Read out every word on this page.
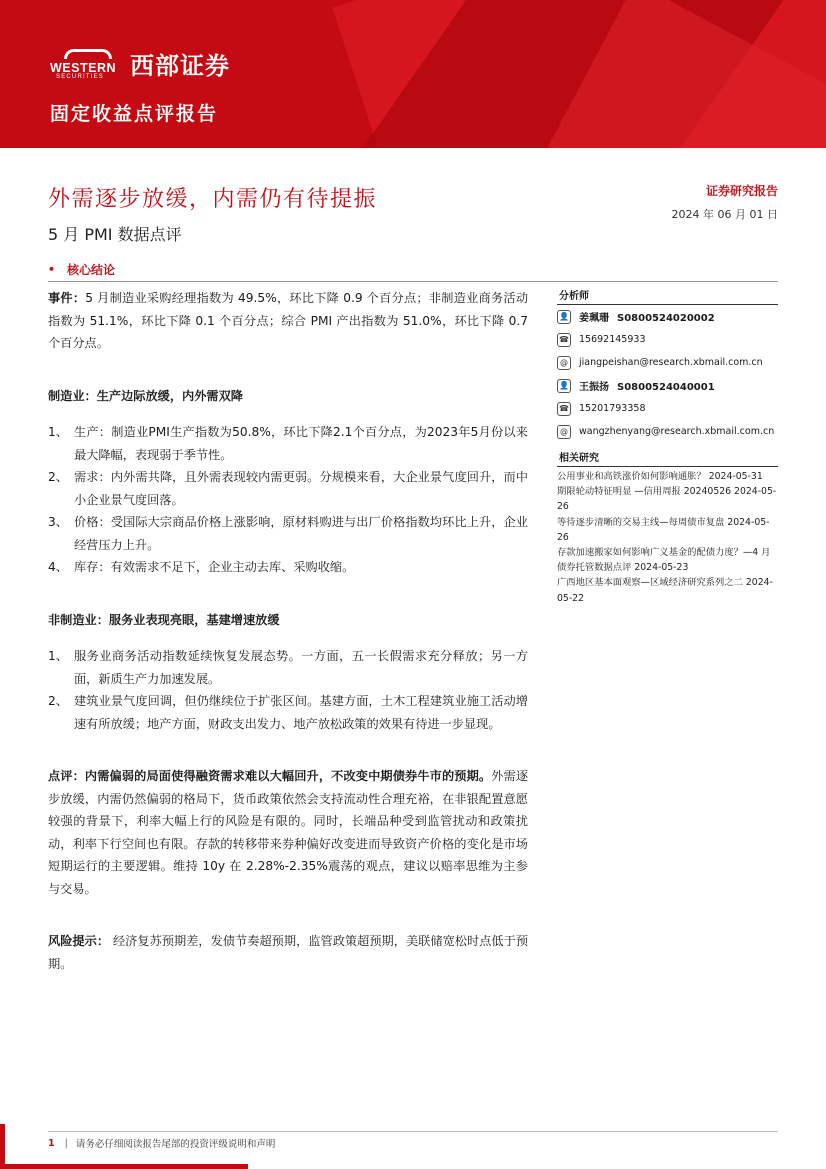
WESTERN
SECURITIES 西部证券
固定收益点评报告
外需逐步放缓，内需仍有待提振
5 月 PMI 数据点评
证券研究报告
2024 年 06 月 01 日
• 核心结论

事件：5 月制造业采购经理指数为 49.5%，环比下降 0.9 个百分点；非制造业商务活动指数为 51.1%，环比下降 0.1 个百分点；综合 PMI 产出指数为 51.0%，环比下降 0.7 个百分点。

制造业：生产边际放缓，内外需双降

1、 生产：制造业PMI生产指数为50.8%，环比下降2.1个百分点，为2023年5月份以来最大降幅，表现弱于季节性。
2、 需求：内外需共降，且外需表现较内需更弱。分规模来看，大企业景气度回升，而中小企业景气度回落。
3、 价格：受国际大宗商品价格上涨影响，原材料购进与出厂价格指数均环比上升，企业经营压力上升。
4、 库存：有效需求不足下，企业主动去库、采购收缩。

非制造业：服务业表现亮眼，基建增速放缓

1、 服务业商务活动指数延续恢复发展态势。一方面，五一长假需求充分释放；另一方面，新质生产力加速发展。
2、 建筑业景气度回调，但仍继续位于扩张区间。基建方面，土木工程建筑业施工活动增速有所放缓；地产方面，财政支出发力、地产放松政策的效果有待进一步显现。

点评：内需偏弱的局面使得融资需求难以大幅回升，不改变中期债券牛市的预期。外需逐步放缓，内需仍然偏弱的格局下，货币政策依然会支持流动性合理充裕，在非银配置意愿较强的背景下，利率大幅上行的风险是有限的。同时，长端品种受到监管扰动和政策扰动，利率下行空间也有限。存款的转移带来券种偏好改变进而导致资产价格的变化是市场短期运行的主要逻辑。维持 10y 在 2.28%-2.35%震荡的观点，建议以赔率思维为主参与交易。

风险提示： 经济复苏预期差，发债节奏超预期，监管政策超预期，美联储宽松时点低于预期。

分析师
👤 姜珮珊 S0800524020002
☎ 15692145933
@	jiangpeishan@research.xbmail.com.cn
👤 王振扬 S0800524040001
☎ 15201793358
@	wangzhenyang@research.xbmail.com.cn
相关研究
公用事业和高铁涨价如何影响通胀？ 2024-05-31
期限轮动特征明显 —信用周报 20240526 2024-05-26
等待逐步清晰的交易主线—每周债市复盘 2024-05-26
存款加速搬家如何影响广义基金的配债力度？—4 月债券托管数据点评 2024-05-23
广西地区基本面观察—区域经济研究系列之二 2024-05-22
1 | 请务必仔细阅读报告尾部的投资评级说明和声明
